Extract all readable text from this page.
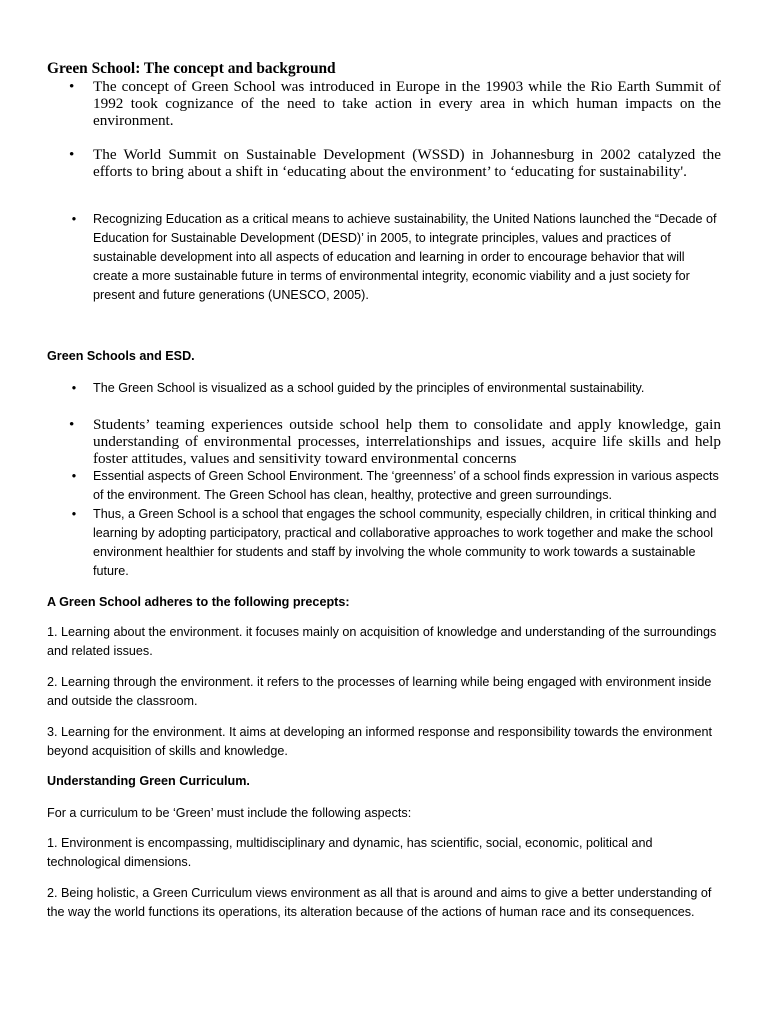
Green School: The concept and background

•	The concept of Green School was introduced in Europe in the 19903 while the Rio Earth Summit of 1992 took cognizance of the need to take action in every area in which human impacts on the environment.

•	The World Summit on Sustainable Development (WSSD) in Johannesburg in 2002 catalyzed the efforts to bring about a shift in ‘educating about the environment’ to ‘educating for sustainability'.

• Recognizing Education as a critical means to achieve sustainability, the United Nations launched the “Decade of Education for Sustainable Development (DESD)’ in 2005, to integrate principles, values and practices of sustainable development into all aspects of education and learning in order to encourage behavior that will create a more sustainable future in terms of environmental integrity, economic viability and a just society for present and future generations (UNESCO, 2005).

Green Schools and ESD.

• The Green School is visualized as a school guided by the principles of environmental sustainability.

•	Students’ teaming experiences outside school help them to consolidate and apply knowledge, gain understanding of environmental processes, interrelationships and issues, acquire life skills and help foster attitudes, values and sensitivity toward environmental concerns

• Essential aspects of Green School Environment. The ‘greenness’ of a school finds expression in various aspects of the environment. The Green School has clean, healthy, protective and green surroundings.

• Thus, a Green School is a school that engages the school community, especially children, in critical thinking and learning by adopting participatory, practical and collaborative approaches to work together and make the school environment healthier for students and staff by involving the whole community to work towards a sustainable future.

A Green School adheres to the following precepts:

1. Learning about the environment. it focuses mainly on acquisition of knowledge and understanding of the surroundings and related issues.

2. Learning through the environment. it refers to the processes of learning while being engaged with environment inside and outside the classroom.

3. Learning for the environment. It aims at developing an informed response and responsibility towards the environment beyond acquisition of skills and knowledge.

Understanding Green Curriculum.

For a curriculum to be ‘Green’ must include the following aspects:

1. Environment is encompassing, multidisciplinary and dynamic, has scientific, social, economic, political and technological dimensions.

2. Being holistic, a Green Curriculum views environment as all that is around and aims to give a better understanding of the way the world functions its operations, its alteration because of the actions of human race and its consequences.
